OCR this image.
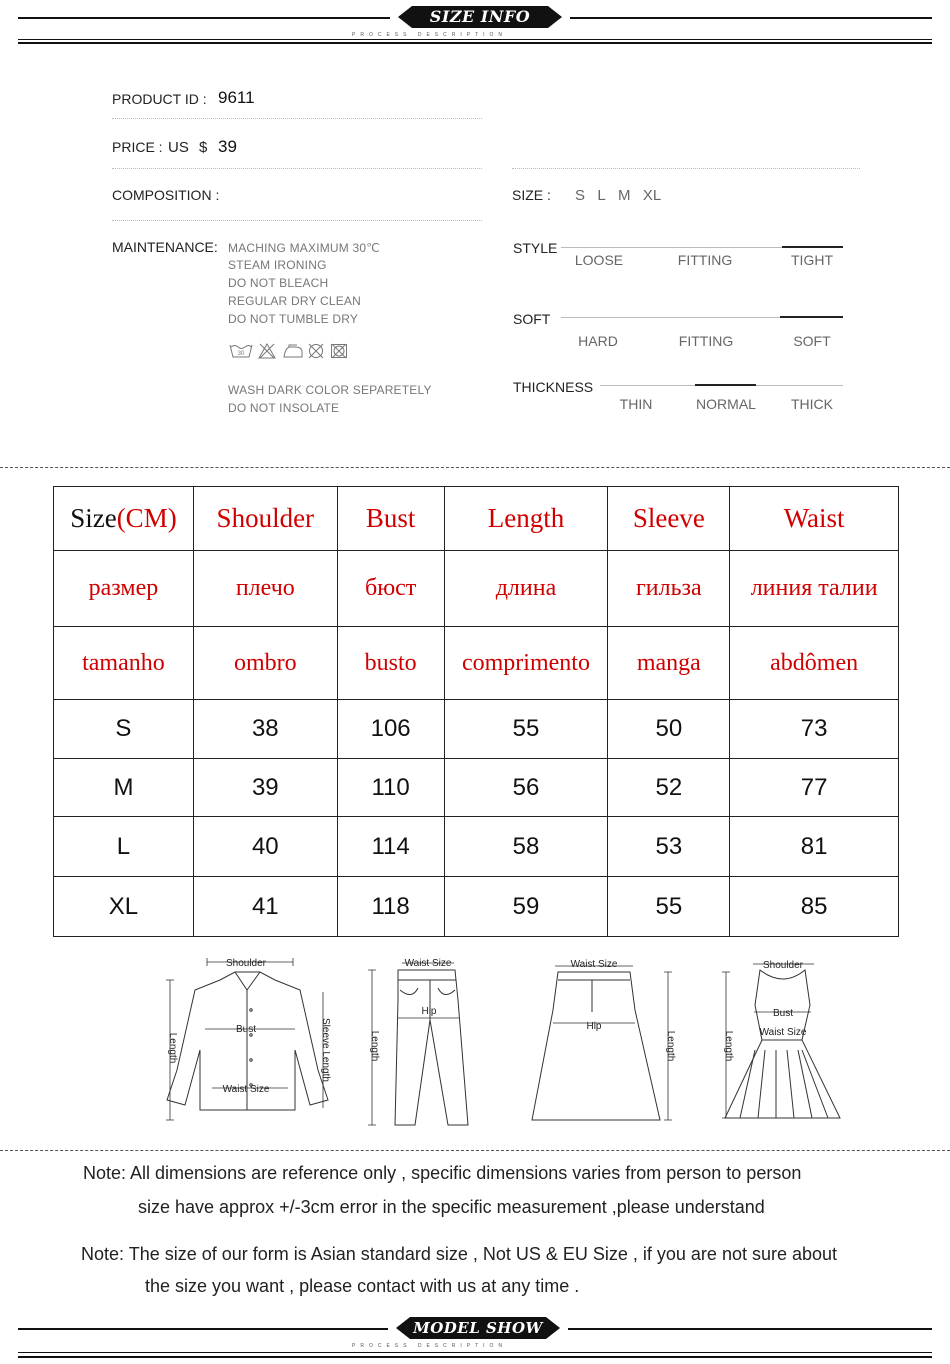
SIZE INFO
PROCESS DESCRIPTION
PRODUCT ID : 9611
PRICE : US $ 39
COMPOSITION :	SIZE : S L M XL
MAINTENANCE: MACHING MAXIMUM 30℃
STEAM IRONING
DO NOT BLEACH
REGULAR DRY CLEAN
DO NOT TUMBLE DRY
30
WASH DARK COLOR SEPARETELY
DO NOT INSOLATE
STYLE
LOOSE	FITTING	TIGHT
SOFT
HARD	FITTING	SOFT
THICKNESS
THIN	NORMAL	THICK
Size(CM)	Shoulder	Bust	Length	Sleeve	Waist
размер	плечо	бюст	длина	гильза	линия талии
tamanho	ombro	busto	comprimento	manga	abdômen
S	38	106	55	50	73
M	39	110	56	52	77
L	40	114	58	53	81
XL	41	118	59	55	85
Shoulder
Bust
Waist Size
Length	Sleeve Length
Waist Size
Hip
Length
Waist Size
Hip
Length
Shoulder
Bust
Waist Size
Length
Note: All dimensions are reference only , specific dimensions varies from person to person
size have approx +/-3cm error in the specific measurement ,please understand
Note: The size of our form is Asian standard size , Not US & EU Size , if you are not sure about
the size you want , please contact with us at any time .
MODEL SHOW
PROCESS DESCRIPTION
